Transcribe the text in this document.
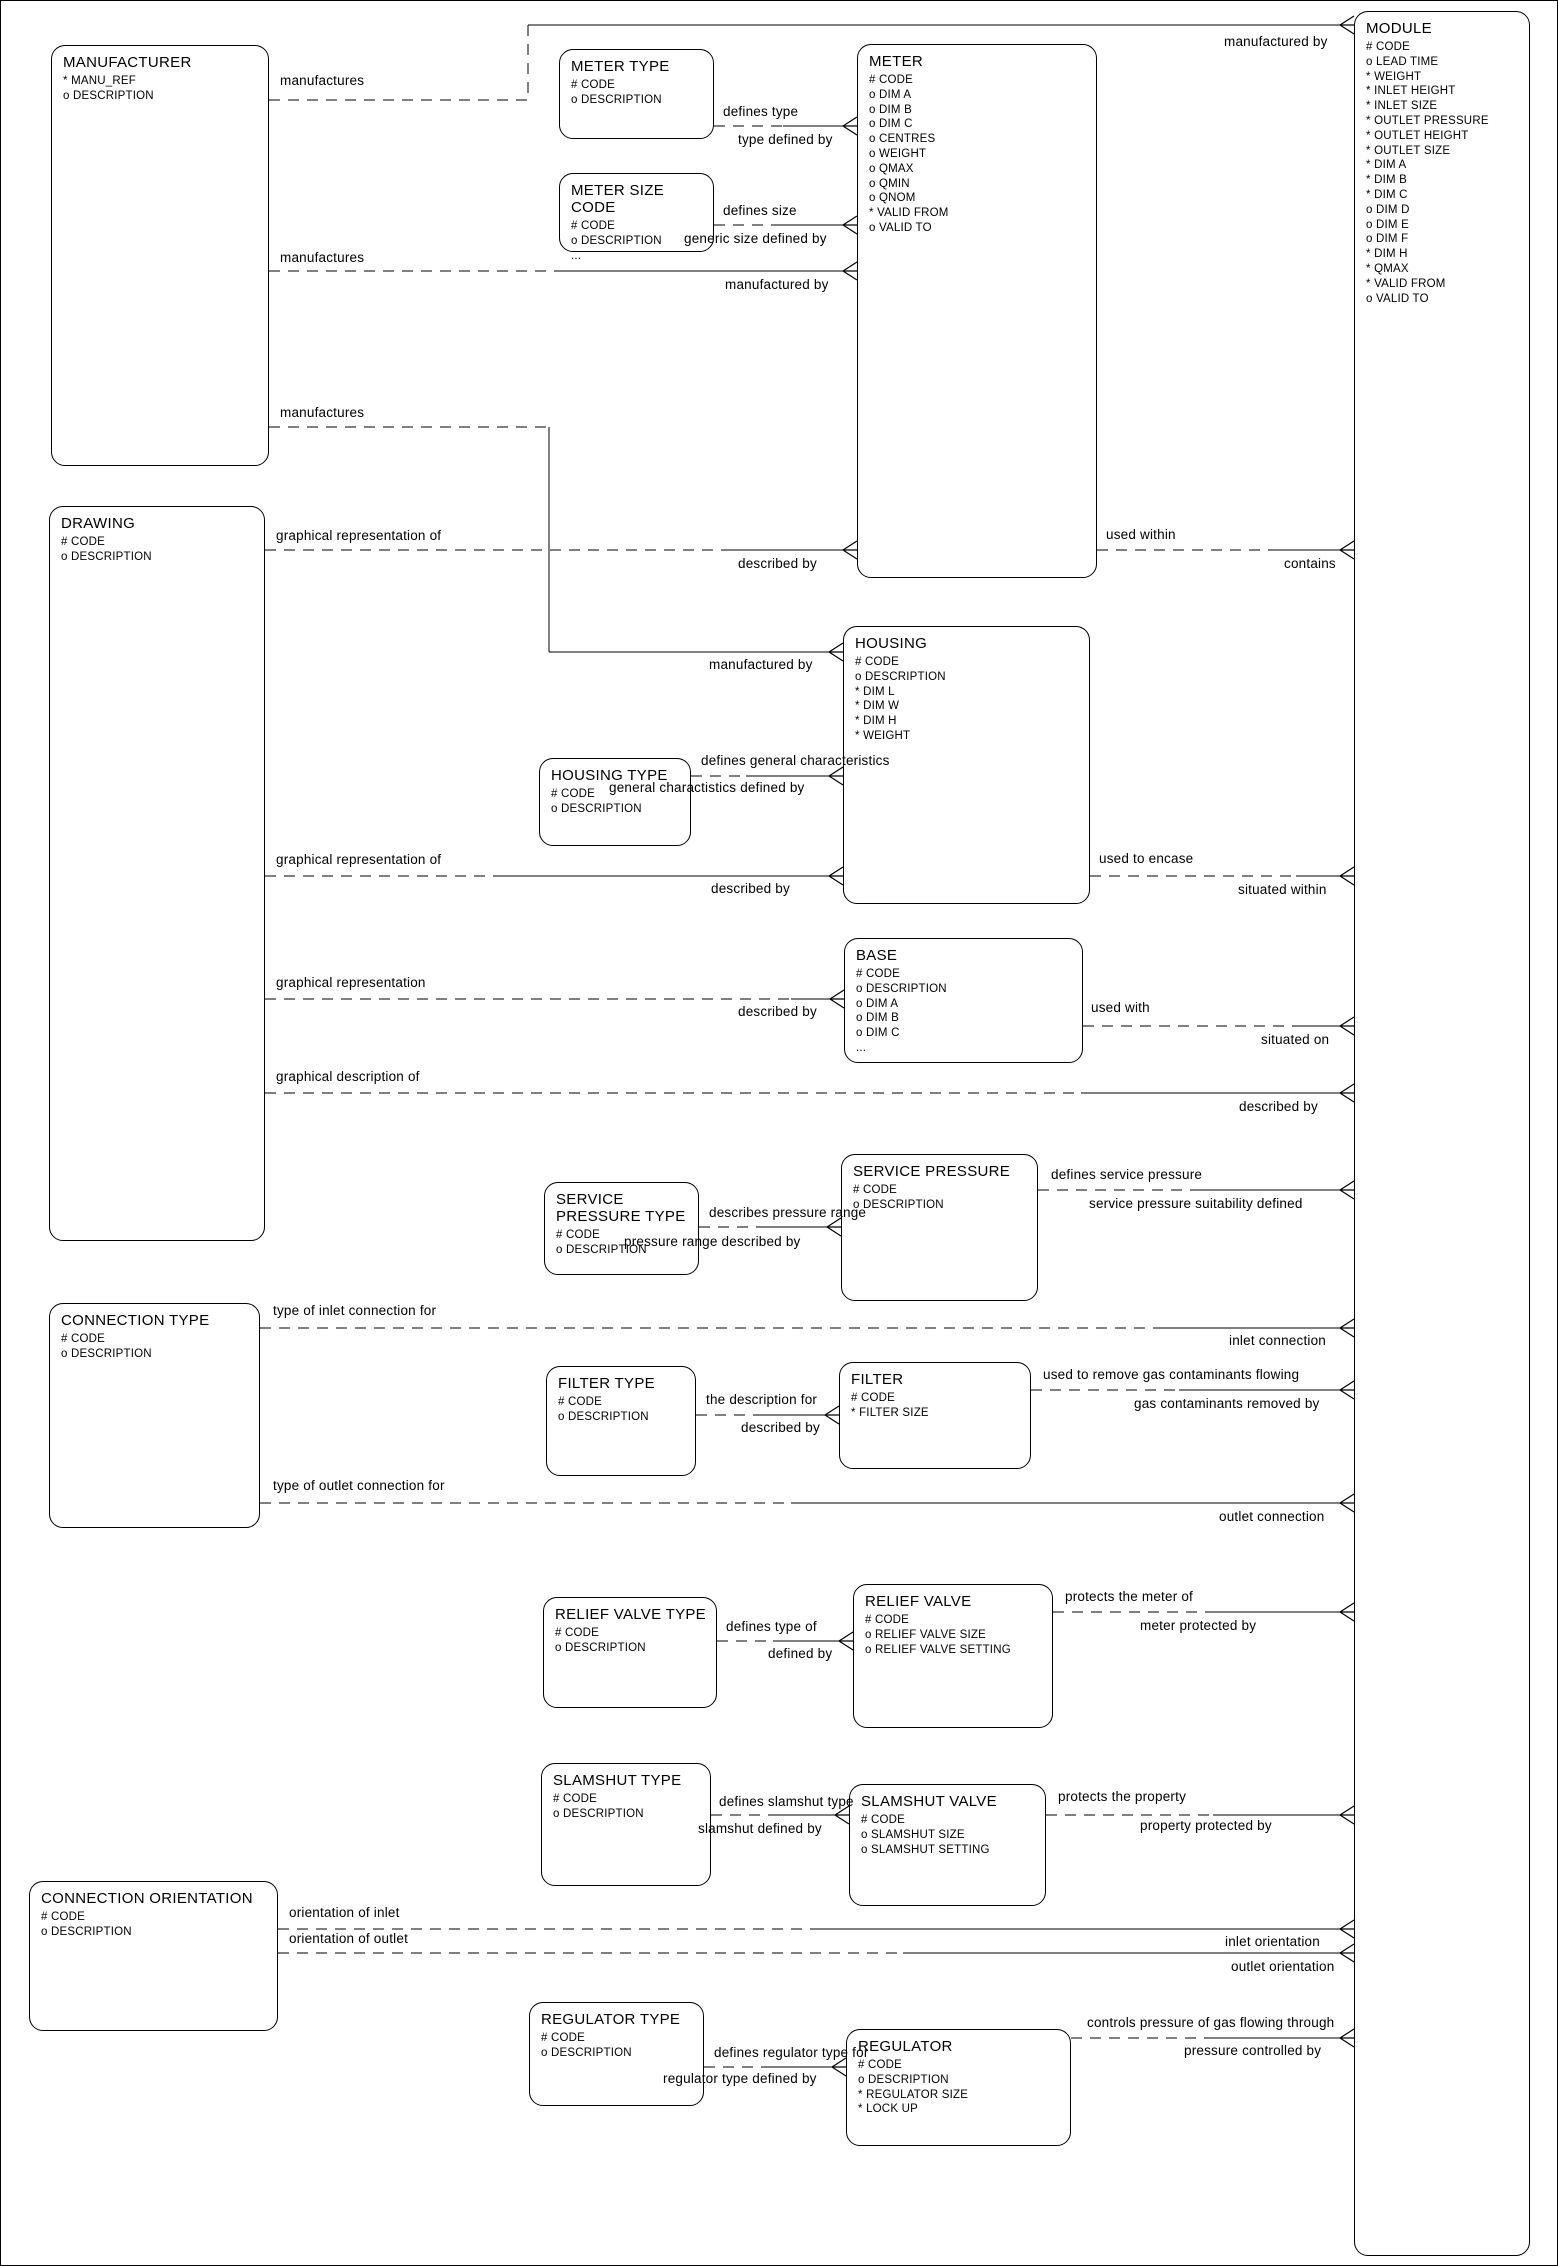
MANUFACTURER
* MANU_REF
o DESCRIPTION
METER TYPE
# CODE
o DESCRIPTION
METER SIZE CODE
# CODE
o DESCRIPTION
...
METER
# CODE
o DIM A
o DIM B
o DIM C
o CENTRES
o WEIGHT
o QMAX
o QMIN
o QNOM
* VALID FROM
o VALID TO
MODULE
# CODE
o LEAD TIME
* WEIGHT
* INLET HEIGHT
* INLET SIZE
* OUTLET PRESSURE
* OUTLET HEIGHT
* OUTLET SIZE
* DIM A
* DIM B
* DIM C
o DIM D
o DIM E
o DIM F
* DIM H
* QMAX
* VALID FROM
o VALID TO
DRAWING
# CODE
o DESCRIPTION
HOUSING
# CODE
o DESCRIPTION
* DIM L
* DIM W
* DIM H
* WEIGHT
HOUSING TYPE
# CODE
o DESCRIPTION
BASE
# CODE
o DESCRIPTION
o DIM A
o DIM B
o DIM C
...
SERVICE PRESSURE
# CODE
o DESCRIPTION
SERVICE PRESSURE TYPE
# CODE
o DESCRIPTION
CONNECTION TYPE
# CODE
o DESCRIPTION
FILTER TYPE
# CODE
o DESCRIPTION
FILTER
# CODE
* FILTER SIZE
RELIEF VALVE TYPE
# CODE
o DESCRIPTION
RELIEF VALVE
# CODE
o RELIEF VALVE SIZE
o RELIEF VALVE SETTING
SLAMSHUT TYPE
# CODE
o DESCRIPTION
SLAMSHUT VALVE
# CODE
o SLAMSHUT SIZE
o SLAMSHUT SETTING
CONNECTION ORIENTATION
# CODE
o DESCRIPTION
REGULATOR TYPE
# CODE
o DESCRIPTION	REGULATOR
# CODE
o DESCRIPTION
* REGULATOR SIZE
* LOCK UP
manufactures
manufactured by
defines type
type defined by
defines size
generic size defined by
manufactures
manufactured by
manufactures
manufactured by
graphical representation of
described by
used within
contains
defines general characteristics
general charactistics defined by
graphical representation of
described by
used to encase
situated within
graphical representation
described by	used with
situated on
graphical description of
described by
describes pressure range
pressure range described by
defines service pressure
service pressure suitability defined
type of inlet connection for
inlet connection
the description for
described by
used to remove gas contaminants flowing
gas contaminants removed by
type of outlet connection for
outlet connection
defines type of
defined by
protects the meter of
meter protected by
defines slamshut type
slamshut defined by
protects the property
property protected by
orientation of inlet
orientation of outlet	inlet orientation
outlet orientation
defines regulator type for
regulator type defined by
controls pressure of gas flowing through
pressure controlled by
